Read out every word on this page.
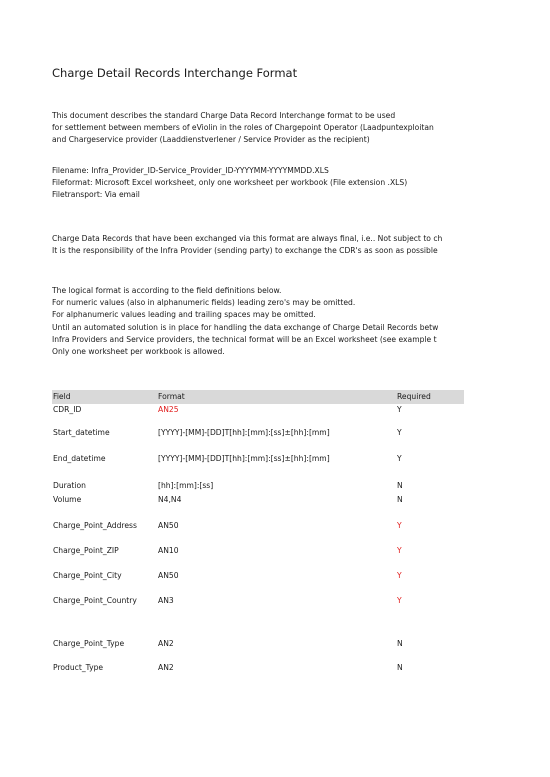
Charge Detail Records Interchange Format
This document describes the standard Charge Data Record Interchange format to be used
for settlement between members of eViolin in the roles of Chargepoint Operator (Laadpuntexploitan
and Chargeservice provider (Laaddienstverlener / Service Provider as the recipient)
Filename: Infra_Provider_ID-Service_Provider_ID-YYYYMM-YYYYMMDD.XLS
Fileformat: Microsoft Excel worksheet, only one worksheet per workbook (File extension .XLS)
Filetransport: Via email
Charge Data Records that have been exchanged via this format are always final, i.e.. Not subject to ch
It is the responsibility of the Infra Provider (sending party) to exchange the CDR's as soon as possible
The logical format is according to the field definitions below.
For numeric values (also in alphanumeric fields) leading zero's may be omitted.
For alphanumeric values leading and trailing spaces may be omitted.
Until an automated solution is in place for handling the data exchange of Charge Detail Records betw
Infra Providers and Service providers, the technical format will be an Excel worksheet (see example t
Only one worksheet per workbook is allowed.
Field	Format	Required
CDR_ID	AN25	Y
Start_datetime	[YYYY]-[MM]-[DD]T[hh]:[mm]:[ss]±[hh]:[mm]	Y
End_datetime	[YYYY]-[MM]-[DD]T[hh]:[mm]:[ss]±[hh]:[mm]	Y
Duration	[hh]:[mm]:[ss]	N
Volume	N4,N4	N
Charge_Point_Address	AN50	Y
Charge_Point_ZIP	AN10	Y
Charge_Point_City	AN50	Y
Charge_Point_Country	AN3	Y
Charge_Point_Type	AN2	N
Product_Type	AN2	N
